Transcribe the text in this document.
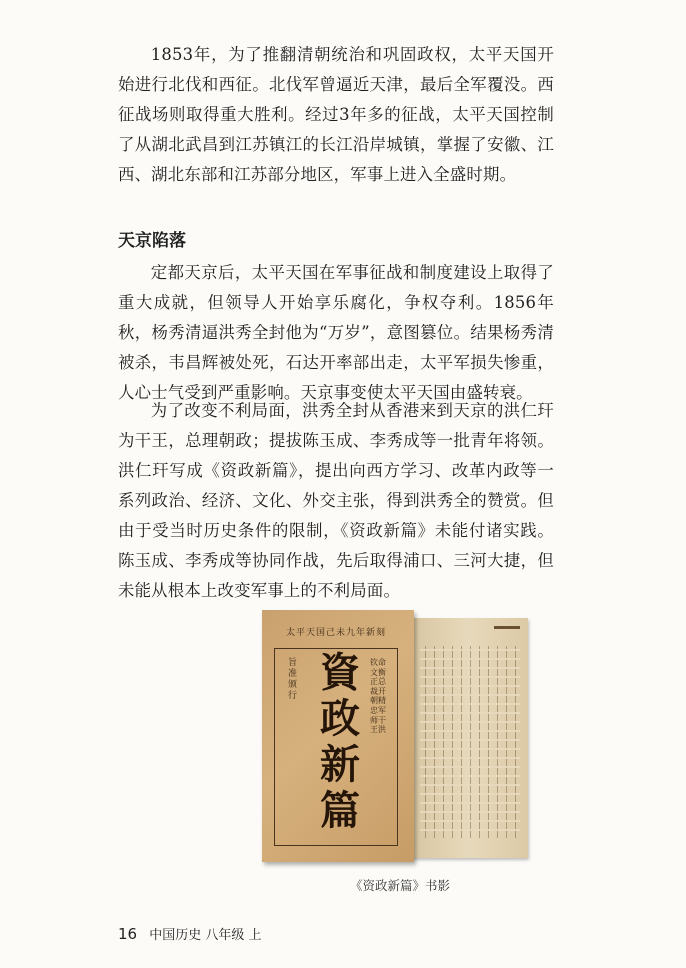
1853年，为了推翻清朝统治和巩固政权，太平天国开始进行北伐和西征。北伐军曾逼近天津，最后全军覆没。西征战场则取得重大胜利。经过3年多的征战，太平天国控制了从湖北武昌到江苏镇江的长江沿岸城镇，掌握了安徽、江西、湖北东部和江苏部分地区，军事上进入全盛时期。

天京陷落

定都天京后，太平天国在军事征战和制度建设上取得了重大成就，但领导人开始享乐腐化，争权夺利。1856年秋，杨秀清逼洪秀全封他为“万岁”，意图篡位。结果杨秀清被杀，韦昌辉被处死，石达开率部出走，太平军损失惨重，人心士气受到严重影响。天京事变使太平天国由盛转衰。

为了改变不利局面，洪秀全封从香港来到天京的洪仁玕为干王，总理朝政；提拔陈玉成、李秀成等一批青年将领。洪仁玕写成《资政新篇》，提出向西方学习、改革内政等一系列政治、经济、文化、外交主张，得到洪秀全的赞赏。但由于受当时历史条件的限制，《资政新篇》未能付诸实践。陈玉成、李秀成等协同作战，先后取得浦口、三河大捷，但未能从根本上改变军事上的不利局面。

太平天国己未九年新刻
旨准颁行 資政新篇
钦命文衡正总裁开朝精忠军师干王洪

《资政新篇》书影

16 中国历史 八年级 上
